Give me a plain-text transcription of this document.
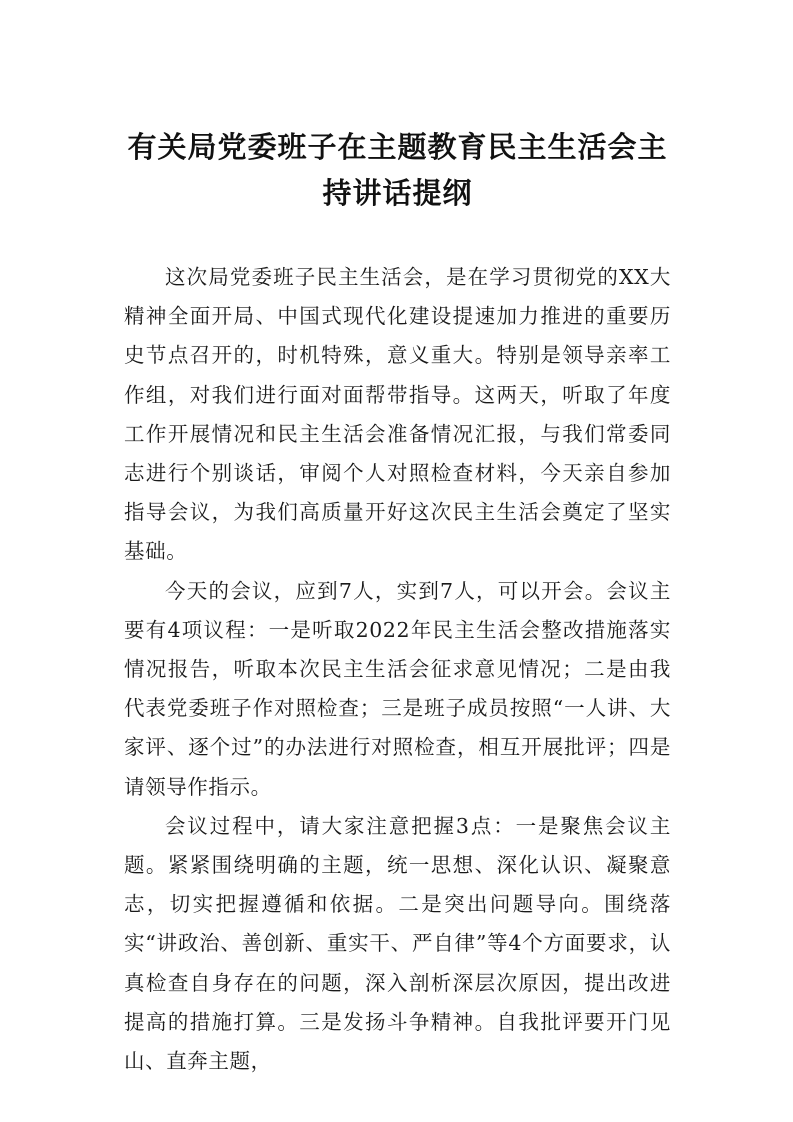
有关局党委班子在主题教育民主生活会主持讲话提纲

这次局党委班子民主生活会，是在学习贯彻党的XX大精神全面开局、中国式现代化建设提速加力推进的重要历史节点召开的，时机特殊，意义重大。特别是领导亲率工作组，对我们进行面对面帮带指导。这两天，听取了年度工作开展情况和民主生活会准备情况汇报，与我们常委同志进行个别谈话，审阅个人对照检查材料，今天亲自参加指导会议，为我们高质量开好这次民主生活会奠定了坚实基础。

今天的会议，应到7人，实到7人，可以开会。会议主要有4项议程：一是听取2022年民主生活会整改措施落实情况报告，听取本次民主生活会征求意见情况；二是由我代表党委班子作对照检查；三是班子成员按照“一人讲、大家评、逐个过”的办法进行对照检查，相互开展批评；四是请领导作指示。

会议过程中，请大家注意把握3点：一是聚焦会议主题。紧紧围绕明确的主题，统一思想、深化认识、凝聚意志，切实把握遵循和依据。二是突出问题导向。围绕落实“讲政治、善创新、重实干、严自律”等4个方面要求，认真检查自身存在的问题，深入剖析深层次原因，提出改进提高的措施打算。三是发扬斗争精神。自我批评要开门见山、直奔主题，
